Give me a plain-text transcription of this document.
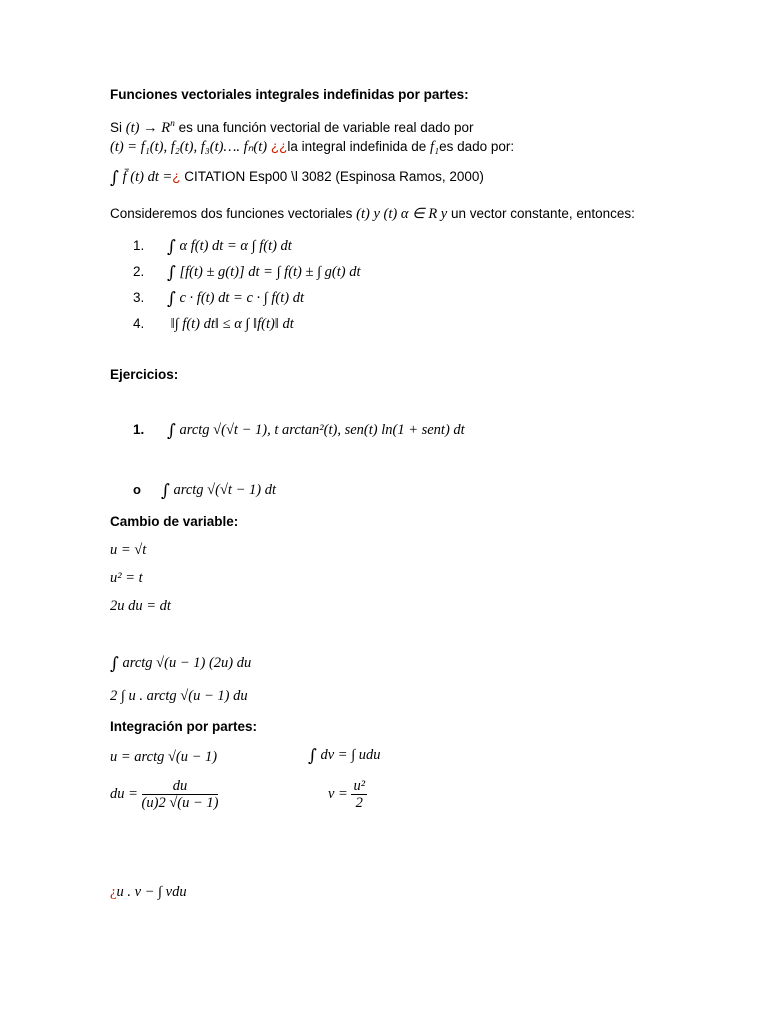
Funciones vectoriales integrales indefinidas por partes:
Si $(t) \to R^n$ es una función vectorial de variable real dado por
(t) = f₁(t), f₂(t), f₃(t)…. fₙ(t) ¿¿la integral indefinida de f₁es dado por:
∫ f̄ (t) dt =¿ CITATION Esp00 \l 3082 (Espinosa Ramos, 2000)
Consideremos dos funciones vectoriales (t) y (t) α ∈ R y un vector constante, entonces:
1. ∫ α f(t) dt = α ∫ f(t) dt
2. ∫ [f(t) ± g(t)] dt = ∫ f(t) ± ∫ g(t) dt
3. ∫ c · f(t) dt = c · ∫ f(t) dt
4. ‖∫ f(t) dt‖ ≤ α ∫ ‖f(t)‖ dt
Ejercicios:
1. ∫ arctg √(√t − 1), t arctan²(t), sen(t) ln(1 + sent) dt
o ∫ arctg √(√t − 1) dt
Cambio de variable:
u = √t
u² = t
2u du = dt
∫ arctg √(u − 1) (2u) du
2 ∫ u . arctg √(u − 1) du
Integración por partes:
u = arctg √(u − 1)	∫ dv = ∫ udu
du = $\frac{du}{(u)2 √(u - 1)}$	$v = \frac{\text{u²}}{2}$
¿u . v − ∫ vdu
